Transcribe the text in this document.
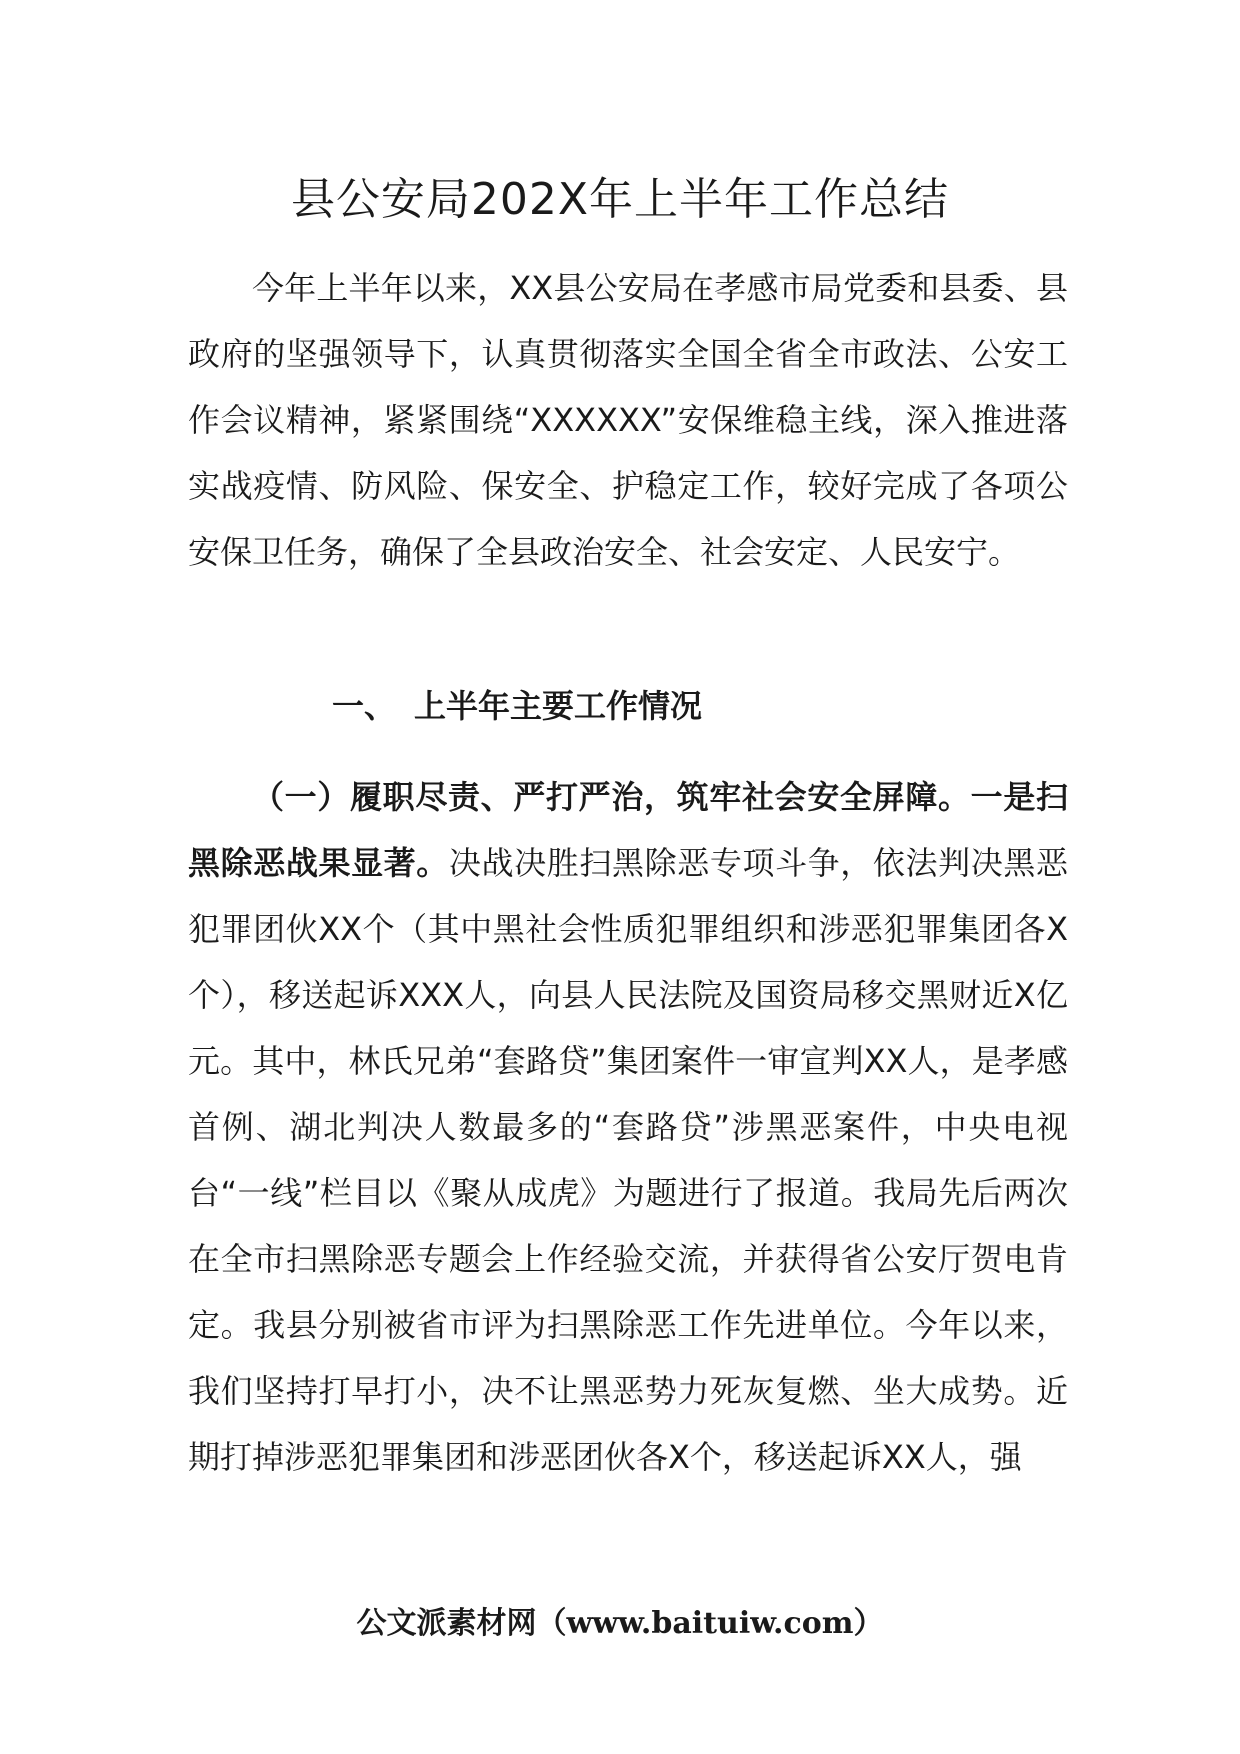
县公安局202X年上半年工作总结

今年上半年以来，XX县公安局在孝感市局党委和县委、县政府的坚强领导下，认真贯彻落实全国全省全市政法、公安工作会议精神，紧紧围绕“XXXXXX”安保维稳主线，深入推进落实战疫情、防风险、保安全、护稳定工作，较好完成了各项公安保卫任务，确保了全县政治安全、社会安定、人民安宁。

一、 上半年主要工作情况

（一）履职尽责、严打严治，筑牢社会安全屏障。一是扫黑除恶战果显著。决战决胜扫黑除恶专项斗争，依法判决黑恶犯罪团伙XX个（其中黑社会性质犯罪组织和涉恶犯罪集团各X个），移送起诉XXX人，向县人民法院及国资局移交黑财近X亿元。其中，林氏兄弟“套路贷”集团案件一审宣判XX人，是孝感首例、湖北判决人数最多的“套路贷”涉黑恶案件，中央电视台“一线”栏目以《聚从成虎》为题进行了报道。我局先后两次在全市扫黑除恶专题会上作经验交流，并获得省公安厅贺电肯定。我县分别被省市评为扫黑除恶工作先进单位。今年以来，我们坚持打早打小，决不让黑恶势力死灰复燃、坐大成势。近期打掉涉恶犯罪集团和涉恶团伙各X个，移送起诉XX人，强

公文派素材网（www.baituiw.com）
